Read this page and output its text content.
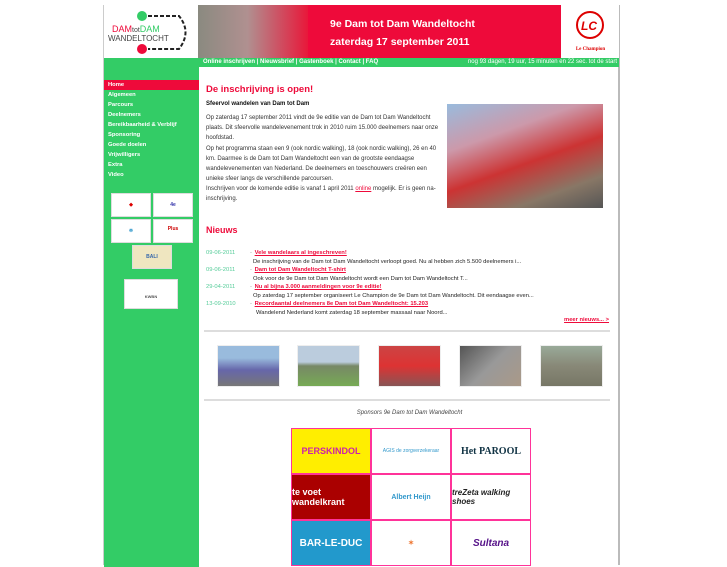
DAMtotDAM
WANDELTOCHT
9e Dam tot Dam Wandeltocht
zaterdag 17 september 2011
LC
Le Champion
Online inschrijven | Nieuwsbrief | Gastenboek | Contact | FAQ	nog 93 dagen, 19 uur, 15 minuten en 22 sec. tot de start
Home
Algemeen
Parcours
Deelnemers
Bereikbaarheid & Verblijf
Sponsoring
Goede doelen
Vrijwilligers
Extra
Video
◆	4e
⛯	Plus
BALI
KWBN
De inschrijving is open!
Sfeervol wandelen van Dam tot Dam
Op zaterdag 17 september 2011 vindt de 9e editie van de Dam tot Dam Wandeltocht plaats. Dit sfeervolle wandelevenement trok in 2010 ruim 15.000 deelnemers naar onze hoofdstad.
Op het programma staan een 9 (ook nordic walking), 18 (ook nordic walking), 26 en 40 km. Daarmee is de Dam tot Dam Wandeltocht een van de grootste eendaagse wandelevenementen van Nederland. De deelnemers en toeschouwers creëren een unieke sfeer langs de verschillende parcoursen.
Inschrijven voor de komende editie is vanaf 1 april 2011 online mogelijk. Er is geen na-inschrijving.
Nieuws
09-06-2011	- Vele wandelaars al ingeschreven!
De inschrijving van de Dam tot Dam Wandeltocht verloopt goed. Nu al hebben zich 5.500 deelnemers i...
09-06-2011	- Dam tot Dam Wandeltocht T-shirt
Ook voor de 9e Dam tot Dam Wandeltocht wordt een Dam tot Dam Wandeltocht T...
29-04-2011	- Nu al bijna 3.000 aanmeldingen voor 9e editie!
Op zaterdag 17 september organiseert Le Champion de 9e Dam tot Dam Wandeltocht. Dit eendaagse even...
13-09-2010 - Recordaantal deelnemers 8e Dam tot Dam Wandeltocht: 15.203
Wandelend Nederland komt zaterdag 18 september massaal naar Noord...
meer nieuws... >
Sponsors 9e Dam tot Dam Wandeltocht
PERSKINDOL	AGIS de zorgverzekeraar	Het PAROOL
te voet wandelkrant	Albert Heijn	treZeta walking shoes
BAR-LE-DUC	✶	Sultana
